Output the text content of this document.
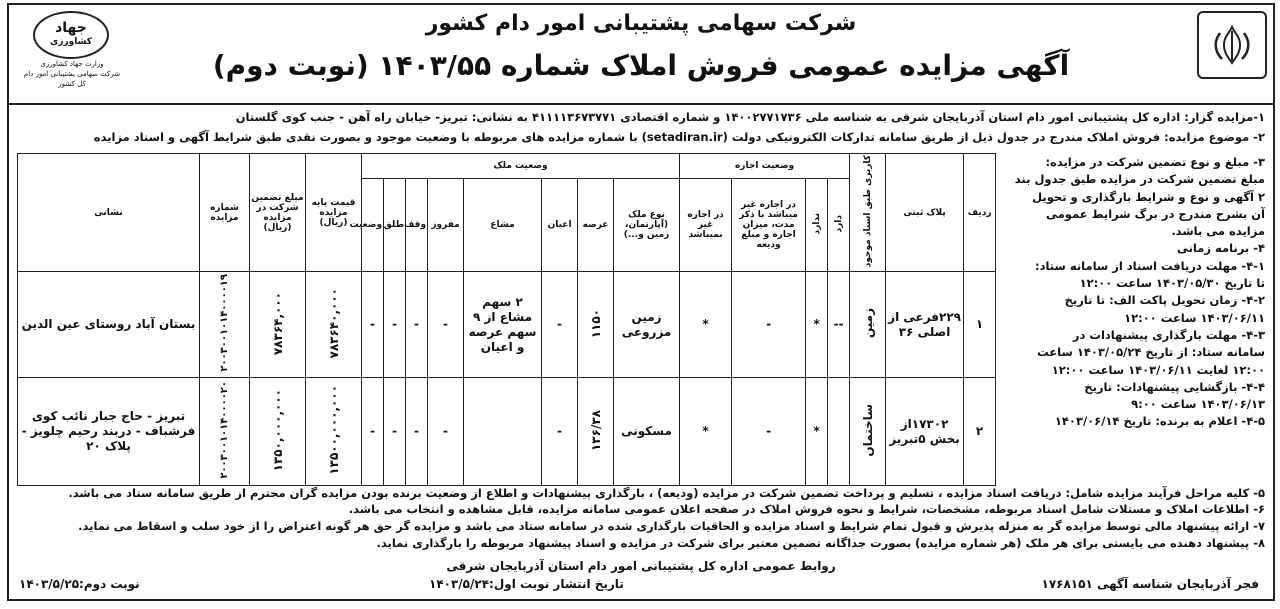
شرکت سهامی پشتیبانی امور دام کشور
آگهی مزایده عمومی فروش املاک شماره ۱۴۰۳/۵۵ (نوبت دوم)
جهاد
کشاورزی
وزارت جهاد کشاورزی
شرکت سهامی پشتیبانی امور دام
کل کشور
۱-مزایده گزار: اداره کل پشتیبانی امور دام استان آذربایجان شرقی به شناسه ملی ۱۴۰۰۲۷۷۱۷۳۶ و شماره اقتصادی ۴۱۱۱۱۳۶۷۳۷۷۱ به نشانی: تبریز- خیابان راه آهن - جنب کوی گلستان
۲- موضوع مزایده: فروش املاک مندرج در جدول ذیل از طریق سامانه تدارکات الکترونیکی دولت (setadiran.ir) با شماره مزایده های مربوطه با وضعیت موجود و بصورت نقدی طبق شرایط آگهی و اسناد مزایده
۳- مبلغ و نوع تضمین شرکت در مزایده:
مبلغ تضمین شرکت در مزایده طبق جدول بند
۲ آگهی و نوع و شرایط بارگذاری و تحویل
آن بشرح مندرج در برگ شرایط عمومی
مزایده می باشد.
۴- برنامه زمانی
۴-۱- مهلت دریافت اسناد از سامانه ستاد:
تا تاریخ ۱۴۰۳/۰۵/۳۰ ساعت ۱۲:۰۰
۴-۲- زمان تحویل پاکت الف: تا تاریخ
۱۴۰۳/۰۶/۱۱ ساعت ۱۲:۰۰
۴-۳- مهلت بارگذاری پیشنهادات در
سامانه ستاد: از تاریخ ۱۴۰۳/۰۵/۲۴ ساعت
۱۲:۰۰ لغایت ۱۴۰۳/۰۶/۱۱ ساعت ۱۲:۰۰
۴-۴- بازگشایی پیشنهادات: تاریخ
۱۴۰۳/۰۶/۱۳ ساعت ۹:۰۰
۴-۵- اعلام به برنده: تاریخ ۱۴۰۳/۰۶/۱۴
ردیف	پلاک ثبتی	کاربری طبق اسناد موجود	وضعیت اجاره				وضعیت ملک								قیمت پایه مزایده (ریال)	مبلغ تضمین شرکت در مزایده (ریال)	شماره مزایده	نشانی
			دارد	ندارد	در اجاره غیر میباشد با ذکر مدت، میزان اجاره و مبلغ ودیعه	در اجاره غیر نمیباشد	نوع ملک (آپارتمان، زمین و...)	عرصه	اعیان	مشاع	مفروز	وقف	طلق	وضعیت				
۱	۲۲۹فرعی از اصلی ۳۶	زمین	--	*	-	*	زمین مزروعی	۱۱۵۰	-	۲ سهم مشاع از ۹ سهم عرصه و اعیان	-	-	-	-	۷۸۳۶۴۰,۰۰۰	۷۸۳۶۴,۰۰۰	۲۰۰۳۰۰۱۰۱۴۰۰۰۰۱۹	بستان آباد روستای عین الدین
۲	۱۷۳۰۲از بخش ۵تبریز	ساختمان		*	-	*	مسکونی	۱۳۶/۳۸	-		-	-	-	-	۱۳۵۰۰,۰۰۰,۰۰۰	۱۳۵۰,۰۰۰,۰۰۰	۲۰۰۳۰۰۱۰۱۴۰۰۰۰۲۰	تبریز - حاج جبار نائب کوی فرشباف - دربند رحیم چلویز - پلاک ۲۰
۵- کلیه مراحل فرآیند مزایده شامل: دریافت اسناد مزایده ، تسلیم و پرداخت تضمین شرکت در مزایده (ودیعه) ، بارگذاری پیشنهادات و اطلاع از وضعیت برنده بودن مزایده گران محترم از طریق سامانه ستاد می باشد.
۶- اطلاعات املاک و مستلات شامل اسناد مربوطه، مشخصات، شرایط و نحوه فروش املاک در صفحه اعلان عمومی سامانه مزایده، قابل مشاهده و انتخاب می باشد.
۷- ارائه پیشنهاد مالی توسط مزایده گر به منزله پذیرش و قبول تمام شرایط و اسناد مزایده و الحاقیات بارگذاری شده در سامانه ستاد می باشد و مزایده گر حق هر گونه اعتراض را از خود سلب و اسقاط می نماید.
۸- پیشنهاد دهنده می بایستی برای هر ملک (هر شماره مزایده) بصورت جداگانه تضمین معتبر برای شرکت در مزایده و اسناد پیشنهاد مربوطه را بارگذاری نماید.
روابط عمومی اداره کل پشتیبانی امور دام استان آذربایجان شرقی
نوبت دوم:۱۴۰۳/۵/۲۵	تاریخ انتشار نوبت اول:۱۴۰۳/۵/۲۴	فجر آذربایجان شناسه آگهی ۱۷۶۸۱۵۱
